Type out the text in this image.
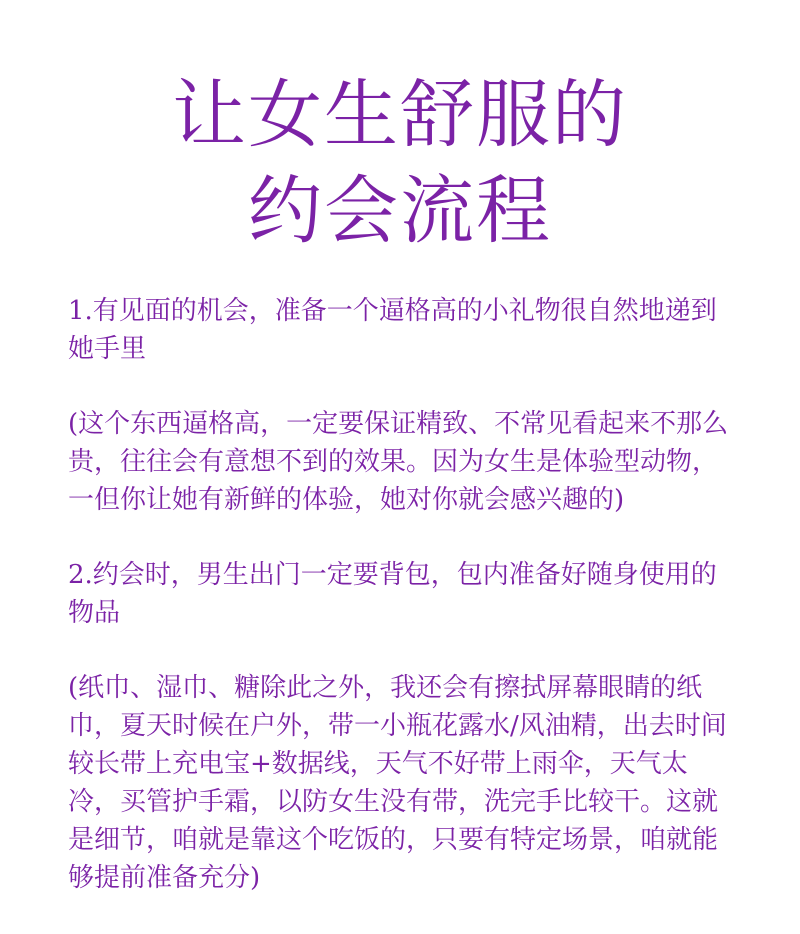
让女生舒服的
约会流程

1.有见面的机会，准备一个逼格高的小礼物很自然地递到她手里

(这个东西逼格高，一定要保证精致、不常见看起来不那么贵，往往会有意想不到的效果。因为女生是体验型动物，一但你让她有新鲜的体验，她对你就会感兴趣的)

2.约会时，男生出门一定要背包，包内准备好随身使用的物品

(纸巾、湿巾、糖除此之外，我还会有擦拭屏幕眼睛的纸巾，夏天时候在户外，带一小瓶花露水/风油精，出去时间较长带上充电宝+数据线，天气不好带上雨伞，天气太冷，买管护手霜，以防女生没有带，洗完手比较干。这就是细节，咱就是靠这个吃饭的，只要有特定场景，咱就能够提前准备充分)
